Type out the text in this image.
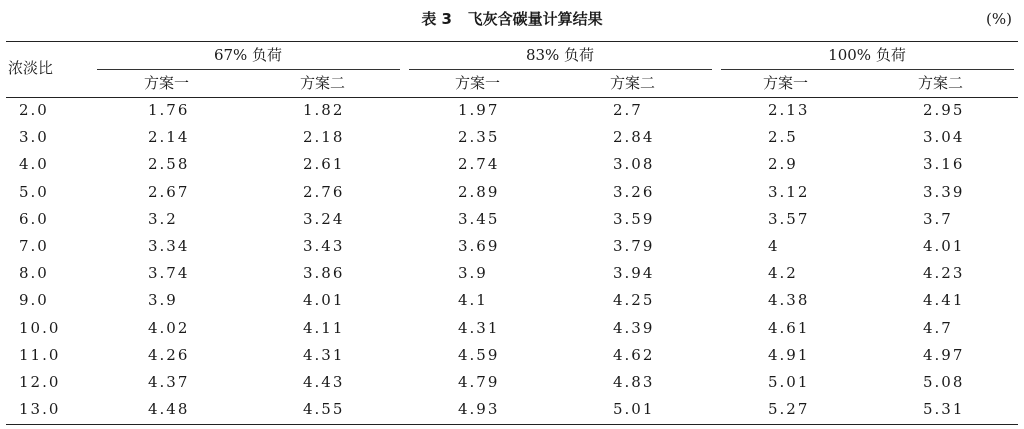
表 3   飞灰含碳量计算结果	(%)
浓淡比
67% 负荷	83% 负荷	100% 负荷
方案一	方案二	方案一	方案二	方案一	方案二
2.0	1.76	1.82	1.97	2.7	2.13	2.95
3.0	2.14	2.18	2.35	2.84	2.5	3.04
4.0	2.58	2.61	2.74	3.08	2.9	3.16
5.0	2.67	2.76	2.89	3.26	3.12	3.39
6.0	3.2	3.24	3.45	3.59	3.57	3.7
7.0	3.34	3.43	3.69	3.79	4	4.01
8.0	3.74	3.86	3.9	3.94	4.2	4.23
9.0	3.9	4.01	4.1	4.25	4.38	4.41
10.0	4.02	4.11	4.31	4.39	4.61	4.7
11.0	4.26	4.31	4.59	4.62	4.91	4.97
12.0	4.37	4.43	4.79	4.83	5.01	5.08
13.0	4.48	4.55	4.93	5.01	5.27	5.31
